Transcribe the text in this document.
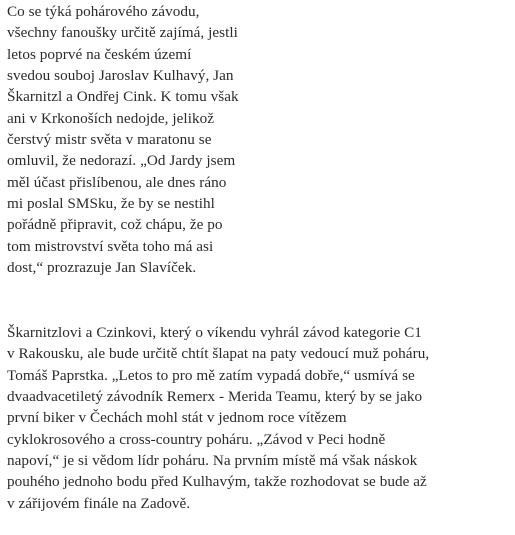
Co se týká pohárového závodu,
všechny fanoušky určitě zajímá, jestli
letos poprvé na českém území
svedou souboj Jaroslav Kulhavý, Jan
Škarnitzl a Ondřej Cink. K tomu však
ani v Krkonoších nedojde, jelikož
čerstvý mistr světa v maratonu se
omluvil, že nedorazí. „Od Jardy jsem
měl účast přislíbenou, ale dnes ráno
mi poslal SMSku, že by se nestihl
pořádně připravit, což chápu, že po
tom mistrovství světa toho má asi
dost,“ prozrazuje Jan Slavíček.

Škarnitzlovi a Czinkovi, který o víkendu vyhrál závod kategorie C1
v Rakousku, ale bude určitě chtít šlapat na paty vedoucí muž poháru,
Tomáš Paprstka. „Letos to pro mě zatím vypadá dobře,“ usmívá se
dvaadvacetiletý závodník Remerx - Merida Teamu, který by se jako
první biker v Čechách mohl stát v jednom roce vítězem
cyklokrosového a cross-country poháru. „Závod v Peci hodně
napoví,“ je si vědom lídr poháru. Na prvním místě má však náskok
pouhého jednoho bodu před Kulhavým, takže rozhodovat se bude až
v zářijovém finále na Zadově.
